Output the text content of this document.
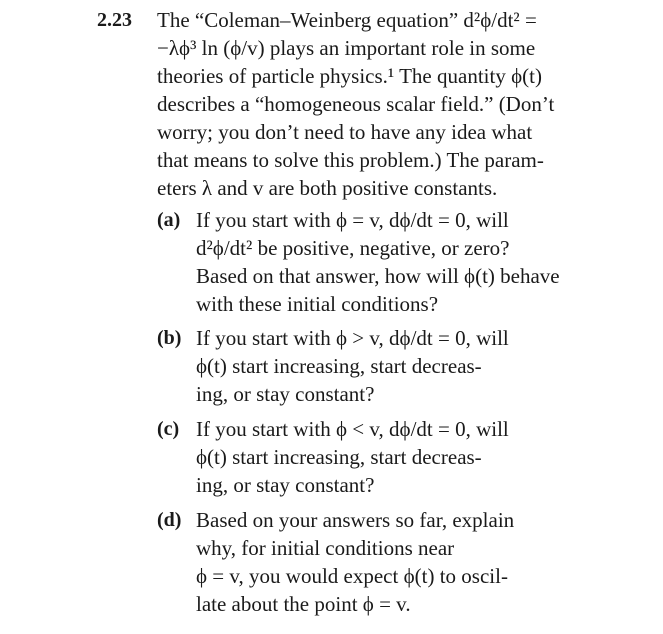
2.23 The “Coleman–Weinberg equation” d²ϕ/dt² =
−λϕ³ ln (ϕ/v) plays an important role in some
theories of particle physics.¹ The quantity ϕ(t)
describes a “homogeneous scalar field.” (Don’t
worry; you don’t need to have any idea what
that means to solve this problem.) The param-
eters λ and v are both positive constants.
(a) If you start with ϕ = v, dϕ/dt = 0, will
d²ϕ/dt² be positive, negative, or zero?
Based on that answer, how will ϕ(t) behave
with these initial conditions?
(b) If you start with ϕ > v, dϕ/dt = 0, will
ϕ(t) start increasing, start decreas-
ing, or stay constant?
(c) If you start with ϕ < v, dϕ/dt = 0, will
ϕ(t) start increasing, start decreas-
ing, or stay constant?
(d) Based on your answers so far, explain
why, for initial conditions near
ϕ = v, you would expect ϕ(t) to oscil-
late about the point ϕ = v.
